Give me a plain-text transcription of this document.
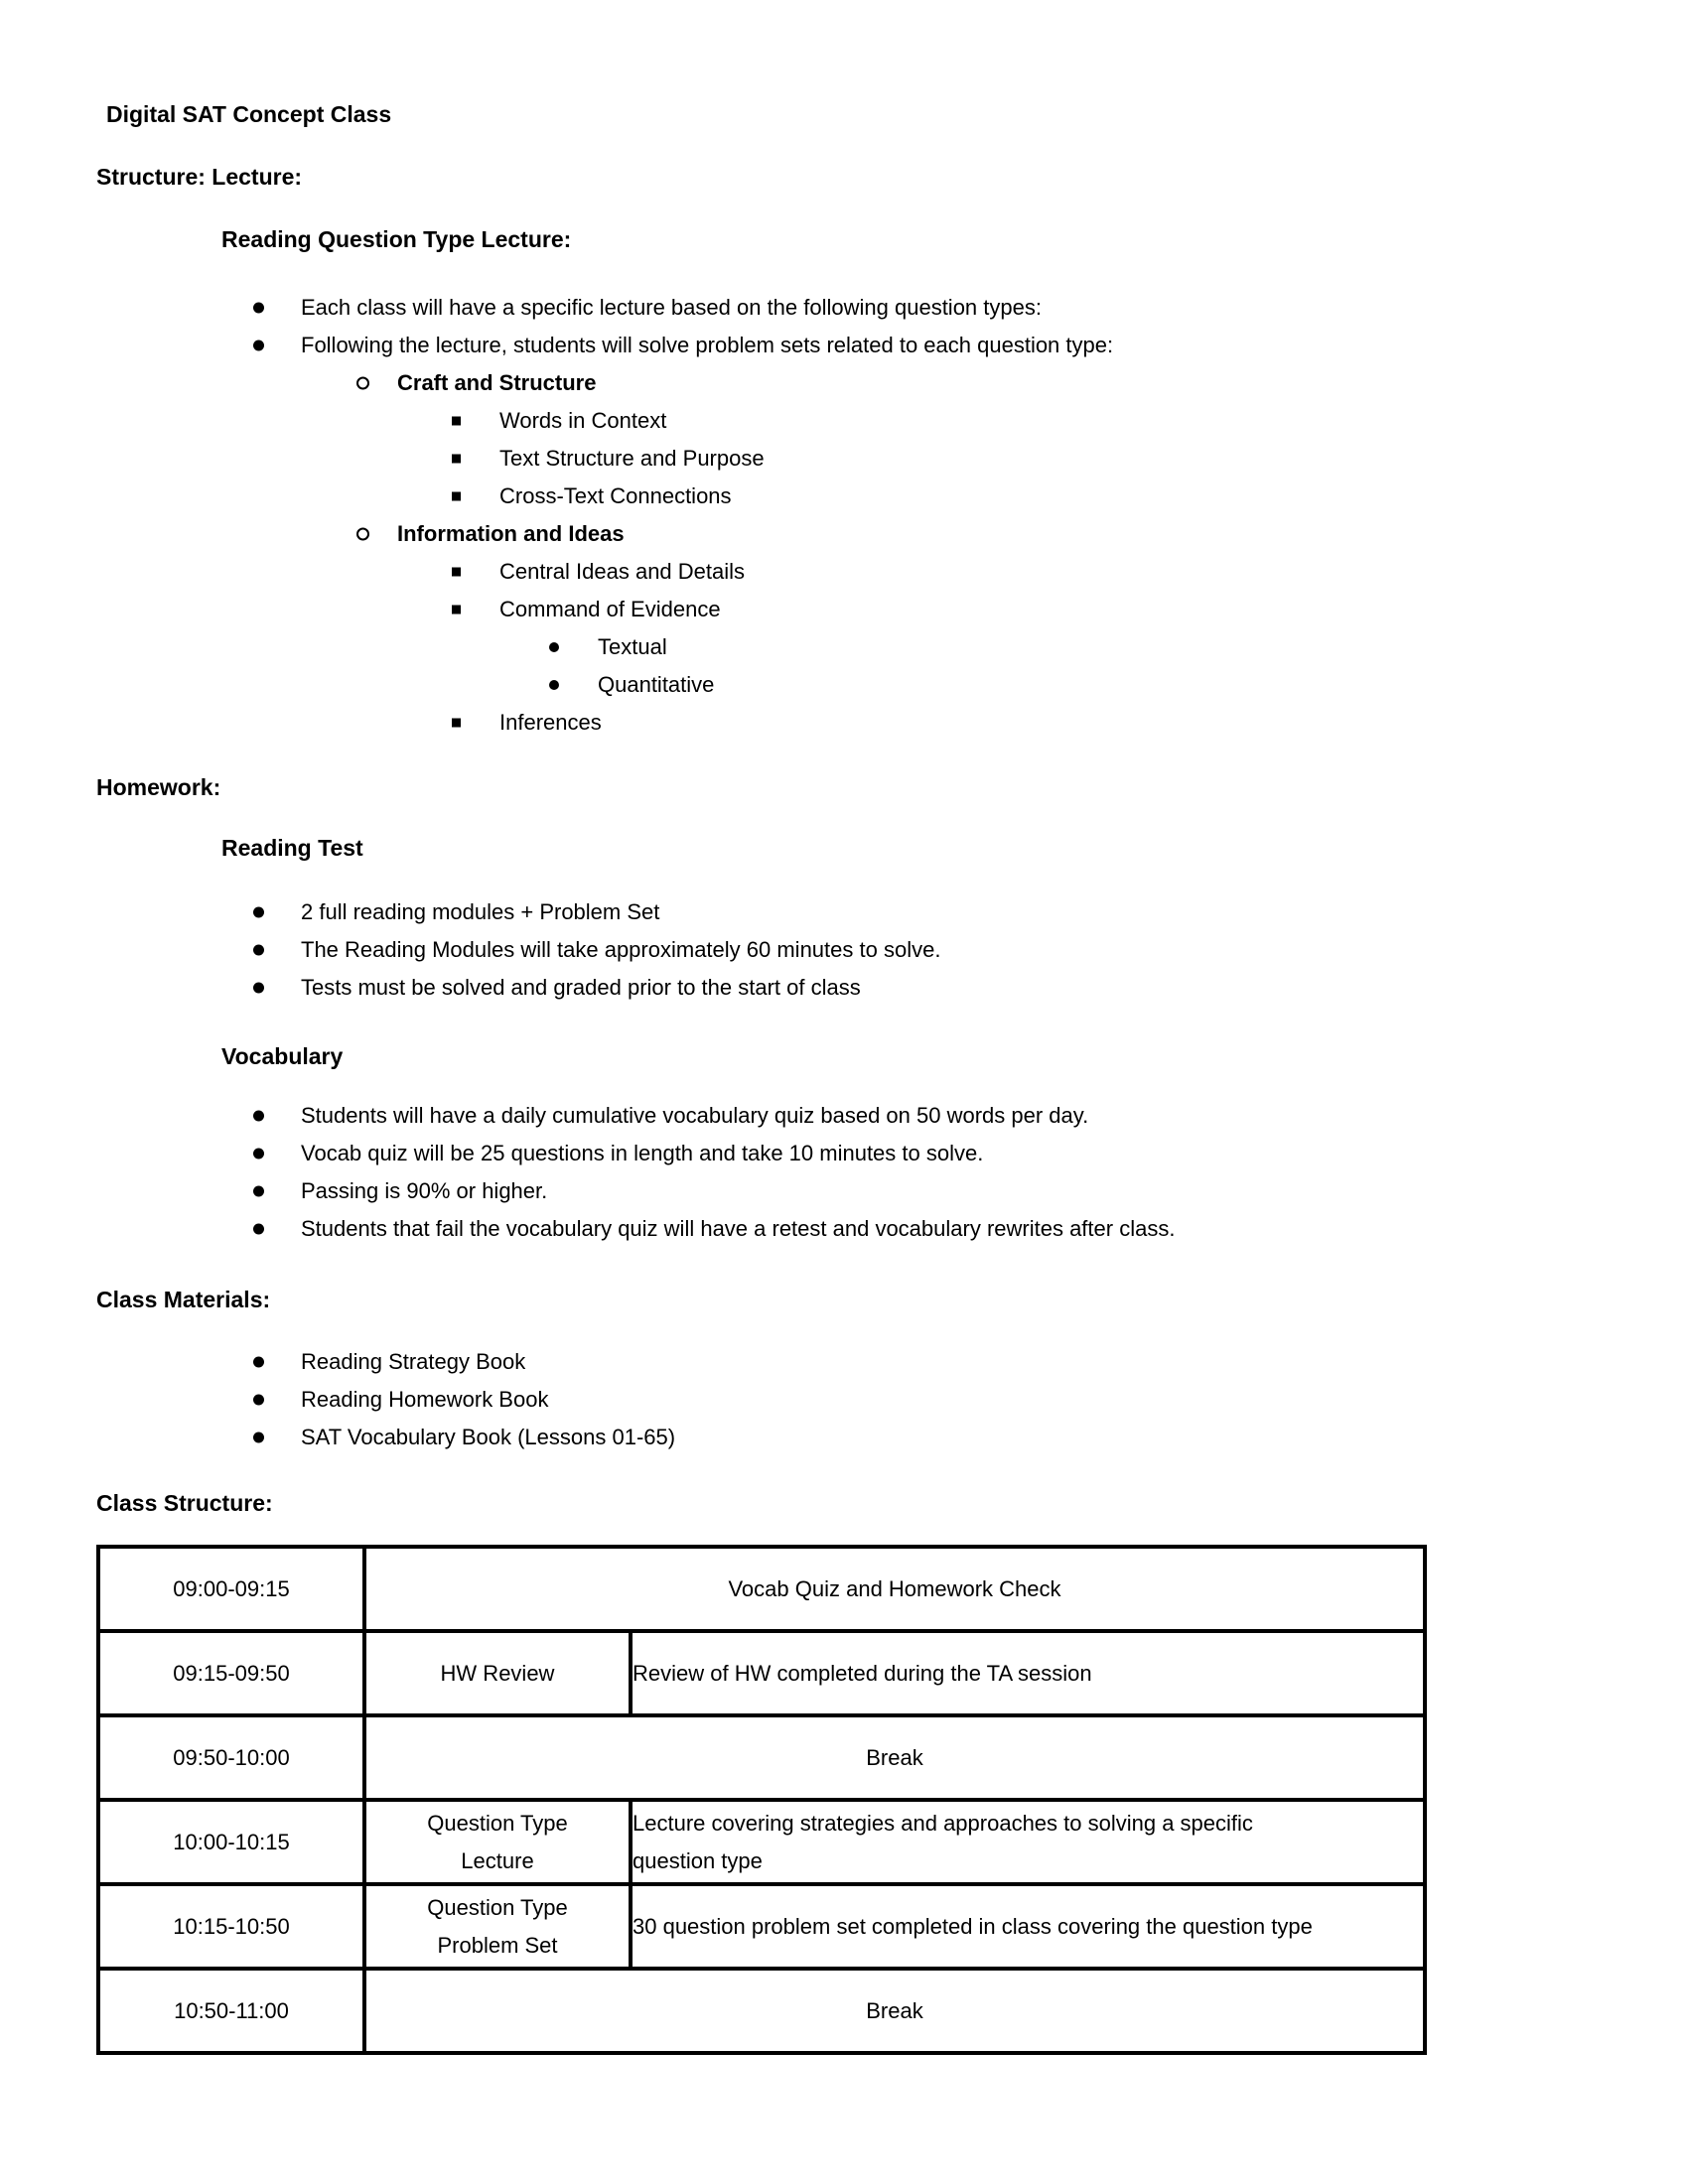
Digital SAT Concept Class
Structure: Lecture:
Reading Question Type Lecture:
Each class will have a specific lecture based on the following question types:
Following the lecture, students will solve problem sets related to each question type:
Craft and Structure
Words in Context
Text Structure and Purpose
Cross-Text Connections
Information and Ideas
Central Ideas and Details
Command of Evidence
Textual
Quantitative
Inferences
Homework:
Reading Test
2 full reading modules + Problem Set
The Reading Modules will take approximately 60 minutes to solve.
Tests must be solved and graded prior to the start of class
Vocabulary
Students will have a daily cumulative vocabulary quiz based on 50 words per day.
Vocab quiz will be 25 questions in length and take 10 minutes to solve.
Passing is 90% or higher.
Students that fail the vocabulary quiz will have a retest and vocabulary rewrites after class.
Class Materials:
Reading Strategy Book
Reading Homework Book
SAT Vocabulary Book (Lessons 01-65)
Class Structure:
09:00-09:15	Vocab Quiz and Homework Check	
09:15-09:50	HW Review	Review of HW completed during the TA session
09:50-10:00	Break	
10:00-10:15	Question Type Lecture	Lecture covering strategies and approaches to solving a specific question type
10:15-10:50	Question Type Problem Set	30 question problem set completed in class covering the question type
10:50-11:00	Break	
